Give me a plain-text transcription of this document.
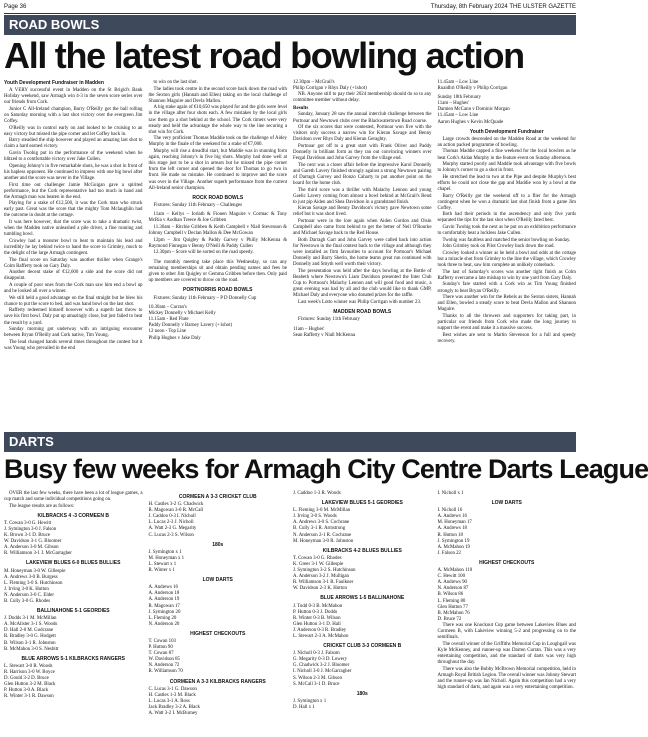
Page 36	Thursday, 8th February 2024 THE ULSTER GAZETTE
ROAD BOWLS
All the latest road bowling action
Youth Development Fundraiser in Madden

A VERY successful event in Madden on the St Brigid's Bank Holiday weekend, saw Armagh win 4-3 in the seven score series over our friends from Cork.

Junior C All-Ireland champion, Barry O'Reilly got the ball rolling on Saturday morning with a last shot victory over the evergreen Jim Coffey.

O'Reilly was in control early on and looked to be cruising to an easy victory but missed the pipe corner and let Coffey back in.

Barry steadied the ship however and played an amazing last shot to claim a hard earned victory.

Gavin Twohig put in the performance of the weekend when he blitzed to a comfortable victory over Jake Cullen.

Opening Johnny's in five remarkable shots, he was a shot in front of his hapless opponent. He continued to impress with one big bowl after another and the score was never in the Village.

First time out challenger Jamie McGuigan gave a spirited performance, but the Cork representative had too much in hand and the Armagh man was beaten in the end.

Playing for a stake of €12,500, it was the Cork man who struck early past. Great was the score that the mighty Tom Mclaughlin had the outcome in doubt at the cottage.

It was here however, that the score was to take a dramatic twist, when the Madden native unleashed a pile driver, a fine running and tumbling bowl.

Crowley had a monster bowl to beat to maintain his lead and incredibly he lay behind twice to hand the score to Grimley, much to the delight of the large Armagh contingent.

The final score on Saturday was another thriller when Grange's Colm Rafferty took on Gary Daly.

Another decent stake of €12,600 a side and the score did not disappoint.

A couple of poor ones from the Cork man saw him end a bowl up and he looked all over a winner.

We still held a good advantage on the final straight but he blew his chance to put the score to bed, and was hand bowl on the last shot.

Rafferty redeemed himself however with a superb last throw to save his first bowl. Daly put up amazingly close, but just failed to beat the result by a yard.

Sunday morning got underway with an intriguing encounter between Bryan O'Reilly and Cork native, Tim Young.

The lead changed hands several times throughout the contest but it was Young who prevailed in the end

to win on the last shot.

The ladies took centre in the second score back down the road with the Sexton girls (Hannah and Ellen) taking on the local challenge of Shannon Maguire and Devla Mallon.

A big stake again of €10,650 was played for and the girls were level in the village after four shots each. A few mistakes by the local girls saw them go a shot behind at the school. The Cork timers were very steady and held the advantage the whole way to the line securing a shot win for Cork.

The very proficient Thomas Maddie took on the challenge of Aidey Murphy in the finale of the weekend for a stake of €7,000.

Murphy will rise a dreadful start, but Maddie was in stunning form again, reaching Johnny's in five big shots. Murphy had done well at this stage just to be a shot in arrears but he missed the pipe corner from the left corner and opened the door for Thomas to go two in front. He made no mistake. He continued to improve and the score was over in the Village. Another superb performance from the current All-Ireland senior champion.

ROCK ROAD BOWLS

Fixtures: Sunday 11th February – Challenges

11am – Kellys – Iorlath & Fionen Maguire v Cormac & Tony McRia v Aodhan Treece & Joe Gribben

11.30am – Ritchie Gribben & Keith Campbell v Niall Stevenson & Johnny Campbell v Declan Mallon & Dee McGowan

12pm – Jim Quigley & Paddy Garvey v Philly McKenna & Raymond Finnegan v Benny O'Neill & Paddy Cullen

12.30pm – Score will be sorted on the road speedy.

The monthly meeting take place this Wednesday, so can any remaining memberships sit and obtain pending names and fees be given to other Jim Quigley or Gemma Gribben before then. Only paid up members are covered to throw on the road.

PORTNORRIS ROAD BOWLS

Fixtures: Sunday 11th February – P D Donnelly Cup

10.30am – Curran's
Mickey Donnelly v Michael Kelly
11.15am - Red Flute
Paddy Donnelly v Barney Lavery (+1shot)
12 noon - Top Line
Philip Hughes v Jake Daly
12.30pm – McGrail's
Philip Corrigan v Rhys Daly (+1shot)

NB. Anyone still to pay their 2024 membership should do so to any committee member without delay.

Results

Sunday, January 28 saw the annual interclub challenge between the Portnoar and Newtown clubs over the Blackwatertown Road course.

Of the six scores that were contested, Portnoar won five with the visitors only success a narrow win for Kieran Savage and Benny Davidson over Rhys Daly and Kieran Geraghty.

Portnoar got off to a great start with Frank Oliver and Paddy Donnelly in brilliant form as they ran out convincing winners over Fergal Davidson and John Garvey from the village end.

The next was a closer affair before the impressive Karol Donnelly and Gareth Lavery finished strongly against a strong Newtown pairing of Darragh Garvey and Bonzo Caharty to put another point on the board for the home club.

The third score was a thriller with Malachy Lennon and young Gaelic Lavery coming from almost a bowl behind at McGrail's Bend to just pip Aiden and Shea Davidson in a grandstand finish.

Kieran Savage and Benny Davidson's victory gave Newtown some relief but it was short lived.

Portnoar were in the lore again when Aiden Gordon and Oisin Campbell also came from behind to get the better of Neil O'Rourke and Michael Savage back to the Red House.

Both Darragh Garr and John Garvey were called back into action for Newtown in the final contest back to the village and although they were installed as firm favourites to account for Portnoar's Michael Donnelly and Barry Sherin, the home teams great run continued with Donnelly and Smyth well worth their victory.

The presentation was held after the days bowling at the Bottle of Beabeth where Newtown's Liam Davidson presented the Inter Club Cup to Portnoar's Malachy Lennon and will good food and music, a great evening was had by all and the club would like to thank GMP, Michael Daly and everyone who donated prizes for the raffle.

Last week's Lotto winner was Philip Corrigan with number 23.

MADDEN ROAD BOWLS

Fixtures: Sunday 11th February

11am – Hughes'
Sean Rafferty v Niall McKenna
11.45am – Low Line
Ruaidhri O'Reilly v Philip Corrigan
Sunday 18th February
11am – Hughes'
Damien McCann v Dominic Morgan
11.45am – Low Line
Aaron Hughes v Kevin McQuade
Youth Development Fundraiser

Large crowds descended on the Madden Road at the weekend for an action packed programme of bowling.

Thomas Maddie capped a fine weekend for the local bowlers as he beat Cork's Aidan Murphy in the feature event on Sunday afternoon.

Murphy started poorly and Maddie took advantage with five bowls to Johnny's corner to go a shot in front.

He stretched the lead to two at the Pipe and despite Murphy's best efforts he could not close the gap and Maddie won by a bowl at the chapel.

Barry O'Reilly got the weekend off to a flier for the Armagh contingent when he won a dramatic last shot finish from a game Jim Coffey.

Both had their periods in the ascendency and only five yards separated the tips for the last shot when O'Reilly fared best.

Gavin Twohig took the next as he put on an exhibition performance to comfortably beat a luckless Jake Cullen.

Twohig was faultless and matched the senior bowling on Sunday.

John Grimley took on Pilot Crowley back down the road.

Crowley looked a winner as he held a bowl and odds at the cottage but a miracle shot from Grimley to the line the village, which Crowley took three to beat, saw him complete an unlikely comeback.

The last of Saturday's scores was another tight finish as Colm Rafferty overcame a late mishap to win by one yard from Gary Daly.

Sunday's fare started with a Cork win as Tim Young finished strongly to beat Bryan O'Reilly.

There was another win for the Rebels as the Sexton sisters, Hannah and Ellen, bowled a steady score to beat Devla Mallon and Shannon Maguire.

Thanks to all the throwers and supporters for taking part, in particular our friends from Cork who made the long journey to support the event and make it a massive success.

Best wishes are sent to Martin Stevenson for a full and speedy recovery.

DARTS
Busy few weeks for Armagh City Centre Darts League

OVER the last few weeks, there have been a lot of league games, a cup match and some individual competitions going on.

The league results are as follows:

KILBRACKS 4 -3 CORMEEN B
T. Cowan 3-0 G. Hewitt
J. Symington 3-0 J. Falson
K. Brown 3-1 D. Bruce
W. Davidson 3-1 G. Bloomer
A. Anderson 3-0 M. Gibson
R. Williamson 3-1 J. McGarragher
LAKEVIEW BLUES 6-0 BLUES BULLIES
M. Honeyman 3-0 W. Gillespie
A. Andrews 3-0 B. Burgess
L. Fleming 3-0 S. Hutchinson
J. Irving 3-0 K. Hutton
N. Anderson 3-0 C. Elder
B. Cully 3-0 G. Rhodes
BALLINAHONE 5-1 GEORDIES
J. Dodds 3-1 M. McMillan
A. McAlister 3-1 S. Woods
D. Hall 2-0 M. Godcrane
R. Bradley 3-0 G. Hodgett
B. Wilson 3-1 R. Johnston
B. McMahon 3-0 S. Nesbitt
BLUE ARROWS 5-1 KILBRACKS RANGERS
L. Stewart 3-0 R. Woods
R. Harrison 3-0 W. Boyce
D. Gould 3-2 D. Bruce
Glen Hutton 3-2 M. Black
P. Hutton 3-0 A. Black
R. Winter 3-1 R. Dawson
CORMEEN A 3-3 CRICKET CLUB
H. Castles 3-2 G. Chadwick
R. Magowan 3-0 R. McCall
J. Caddoo 0-3 I. Nicholl
L. Lucas 2-3 J. Nicholl
A. Watt 2-3 G. Megarity
C. Lucas 2-3 S. Wilson
180s
J. Symington x 1
M. Honeyman x 1
L. Stewart x 1
R. Winter x 1
LOW DARTS
A. Andrews 16
A. Anderson 18
A. Anderson 19
R. Magowan 17
J. Symington 20
L. Fleming 20
N. Anderson 20
HIGHEST CHECKOUTS
T. Cowan 103
P. Hutton 90
T. Cowan 87
W. Davidson 85
N. Anderson 72
R. Williamson 70
CORMEEN A 3-3 KILBRACKS RANGERS
C. Lucas 3-1 G. Dawson
H. Castles 1-3 M. Black
L. Lucas 3-1 A. Ross
Jack Bradley 3-2 A. Black
A. Watt 3-2 I. McBurney
J. Caddoo 1-3 R. Woods
LAKEVIEW BLUES 5-1 GEORDIES
L. Fleming 3-0 M. McMillan
J. Irving 3-0 S. Woods
A. Andrews 3-0 S. Cochrane
B. Cully 3-1 R. Armstrong
N. Anderson 2-1 R. Cochrane
M. Honeyman 3-0 R. Johnston
KILBRACKS 4-2 BLUES BULLIES
T. Cowan 3-0 G. Rhodes
K. Greer 3-1 W. Gillespie
J. Symington 3-2 S. Hutchinson
A. Anderson 3-2 J. Mulligan
R. Williamson 3-1 R. Faulkner
W. Davidson 2-3 K. Hutton
BLUE ARROWS 1-5 BALLINAHONE
J. Todd 0-3 B. McMahon
P. Hutton 0-3 J. Dodds
R. Winter 0-3 B. Wilson
Glen Hutton 3-1 D. Hall
J. Anderson 0-3 R. Bradley
L. Stewart 2-3 A. McMahon
CRICKET CLUB 3-3 CORMEEN B
J. Nicholl 0-3 J. Falsom
G. Megarity 0-3 D. Lowery
G. Chadwick 3-2 J. Bloomer
I. Nicholl 3-0 J. McGarragher
S. Wilson 2-3 M. Gibson
S. McCall 3-1 D. Bruce
180s
J. Symington x 1
D. Hall x 1
I. Nicholl x 1
LOW DARTS
I. Nicholl 16
A. Andrews 16
M. Honeyman 17
A. Andrews 18
R. Hutton 18
J. Symington 19
A. McMahon 19
J. Falson 22
HIGHEST CHECKOUTS
A. McMahon 110
C. Hewitt 100
A. Andrews 90
N. Anderson 87
B. Wilson 86
L. Fleming 80
Glen Hutton 77
B. McMahon 76
D. Bruce 72

There was one Knockout Cup game between Lakeview Blues and Cormeen B, with Lakeview winning 5-2 and progressing on to the semifinals.

The overall winner of the Griffiths Memorial Cup in Loughgall was Kyle McKenney, and runner-up was Darren Curran. This was a very entertaining competition, and the standard of darts was very high throughout the day.

There was also the Bobby McBrown Memorial competition, held in Armagh Royal British Legion. The overall winner was Johnny Stewart and the runner-up was Ian Nicholl. Again this competition had a very high standard of darts, and again was a very entertaining competition.
